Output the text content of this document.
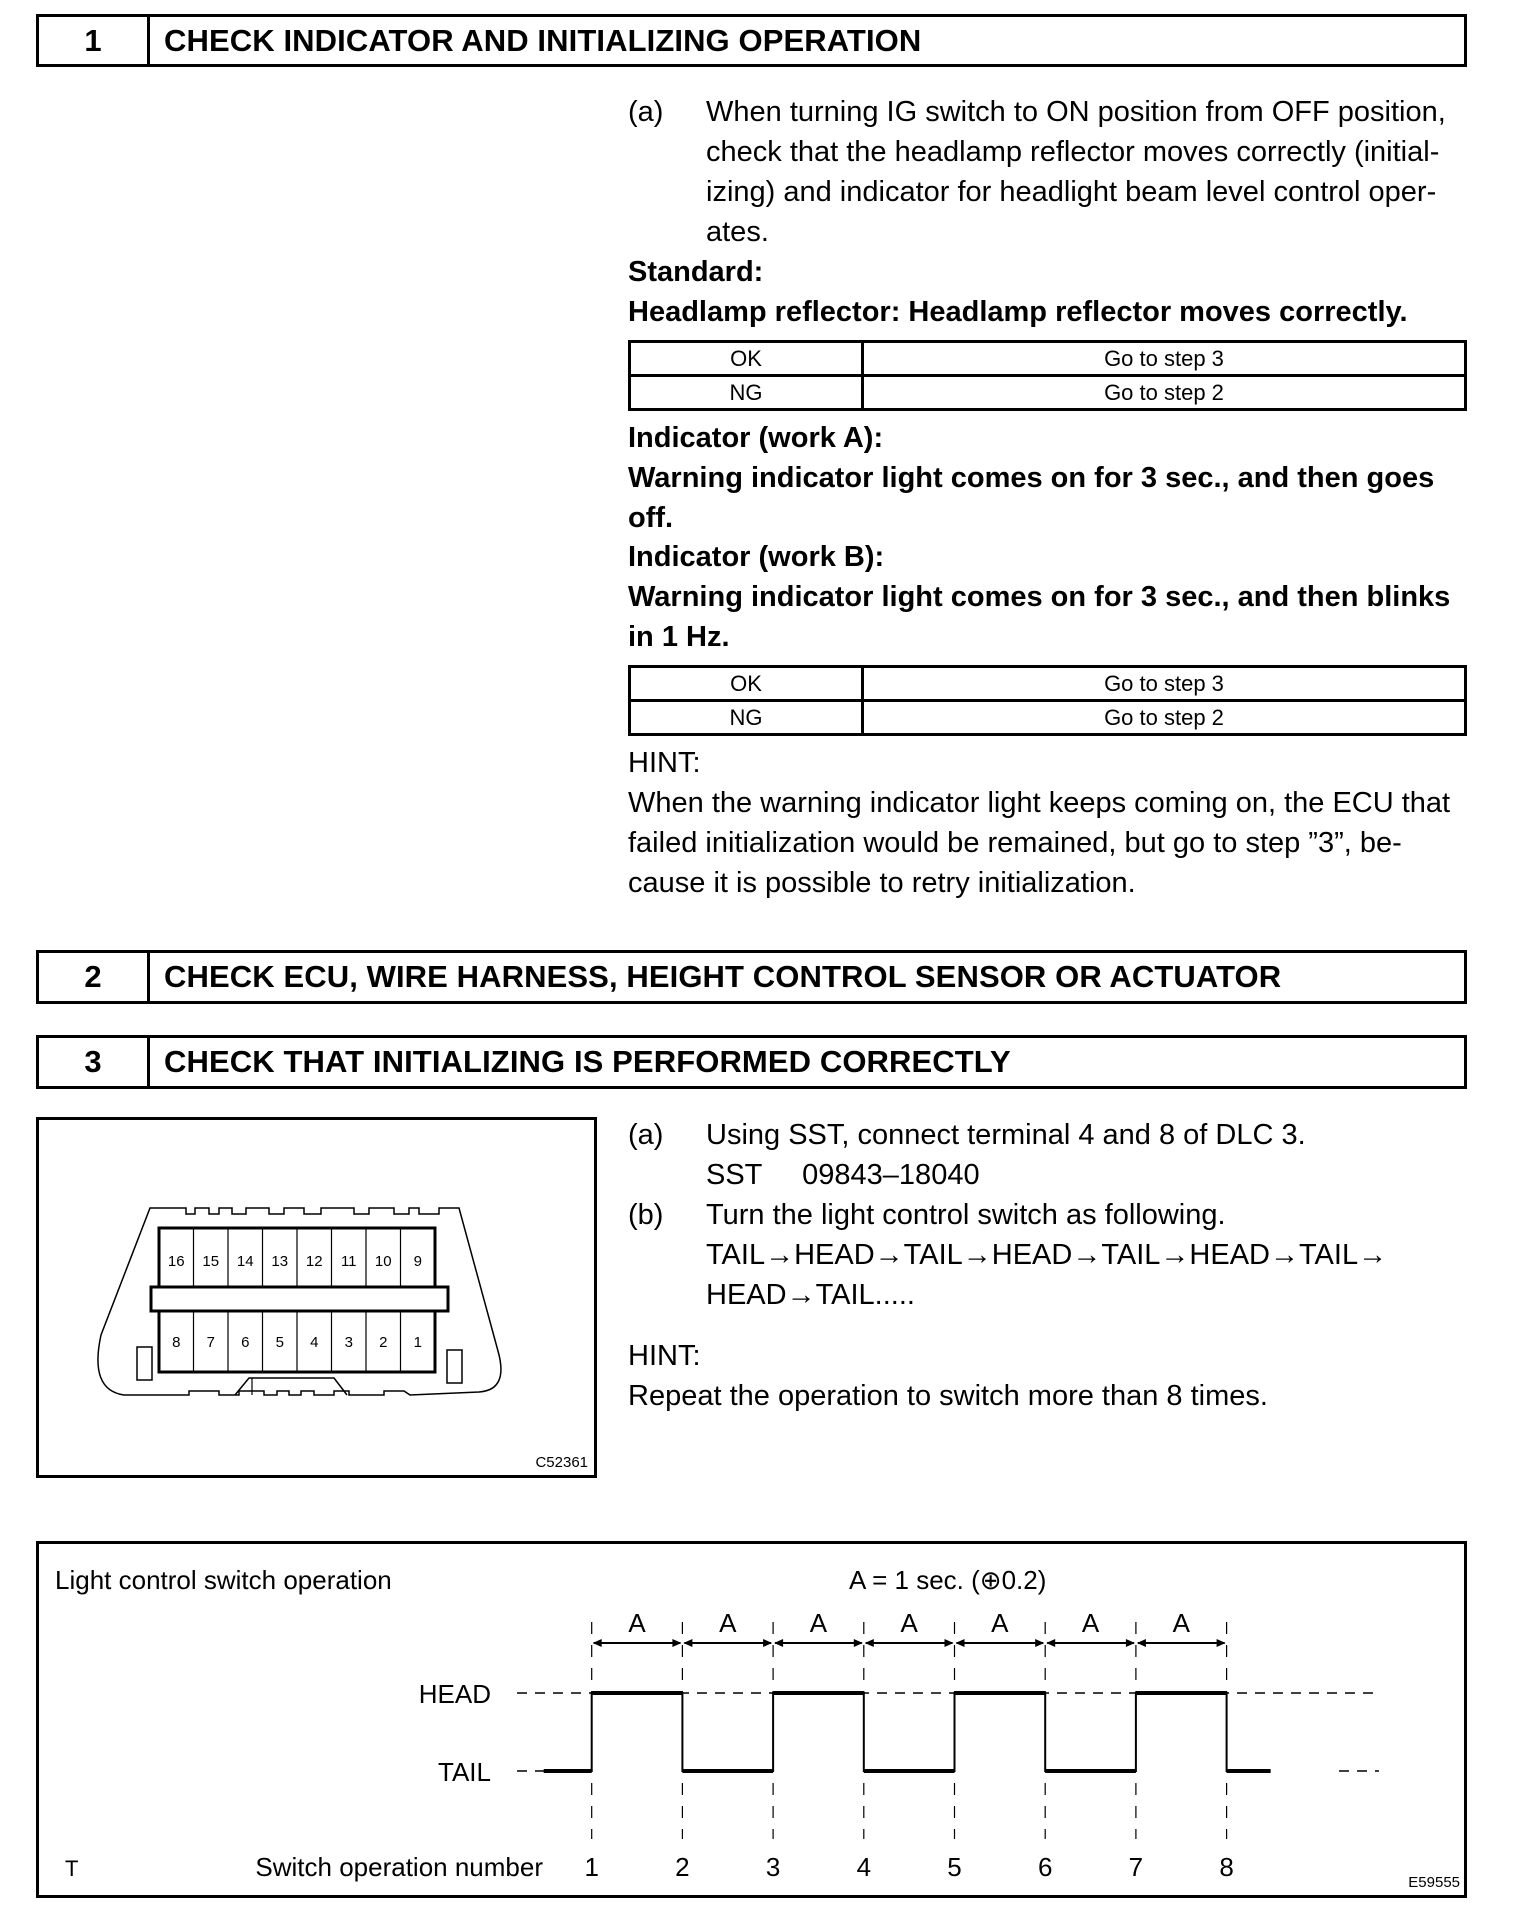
1	CHECK INDICATOR AND INITIALIZING OPERATION
(a) When turning IG switch to ON position from OFF position,
check that the headlamp reflector moves correctly (initial-
izing) and indicator for headlight beam level control oper-
ates.
Standard:
Headlamp reflector: Headlamp reflector moves correctly.
OK	Go to step 3
NG	Go to step 2
Indicator (work A):
Warning indicator light comes on for 3 sec., and then goes
off.
Indicator (work B):
Warning indicator light comes on for 3 sec., and then blinks
in 1 Hz.
OK	Go to step 3
NG	Go to step 2
HINT:
When the warning indicator light keeps coming on, the ECU that
failed initialization would be remained, but go to step ”3”, be-
cause it is possible to retry initialization.
2	CHECK ECU, WIRE HARNESS, HEIGHT CONTROL SENSOR OR ACTUATOR
3	CHECK THAT INITIALIZING IS PERFORMED CORRECTLY
16 15 14 13 12 11 10 9
8 7 6 5 4 3 2 1
C52361
(a) Using SST, connect terminal 4 and 8 of DLC 3.
SST     09843–18040
(b) Turn the light control switch as following.
TAIL→HEAD→TAIL→HEAD→TAIL→HEAD→TAIL→
HEAD→TAIL.....
HINT:
Repeat the operation to switch more than 8 times.
Light control switch operation	A = 1 sec. (⊕0.2)
HEAD
TAIL
T	Switch operation number
E59555
1	2	3	4	5	6	7	8
A	A	A	A	A	A	A
